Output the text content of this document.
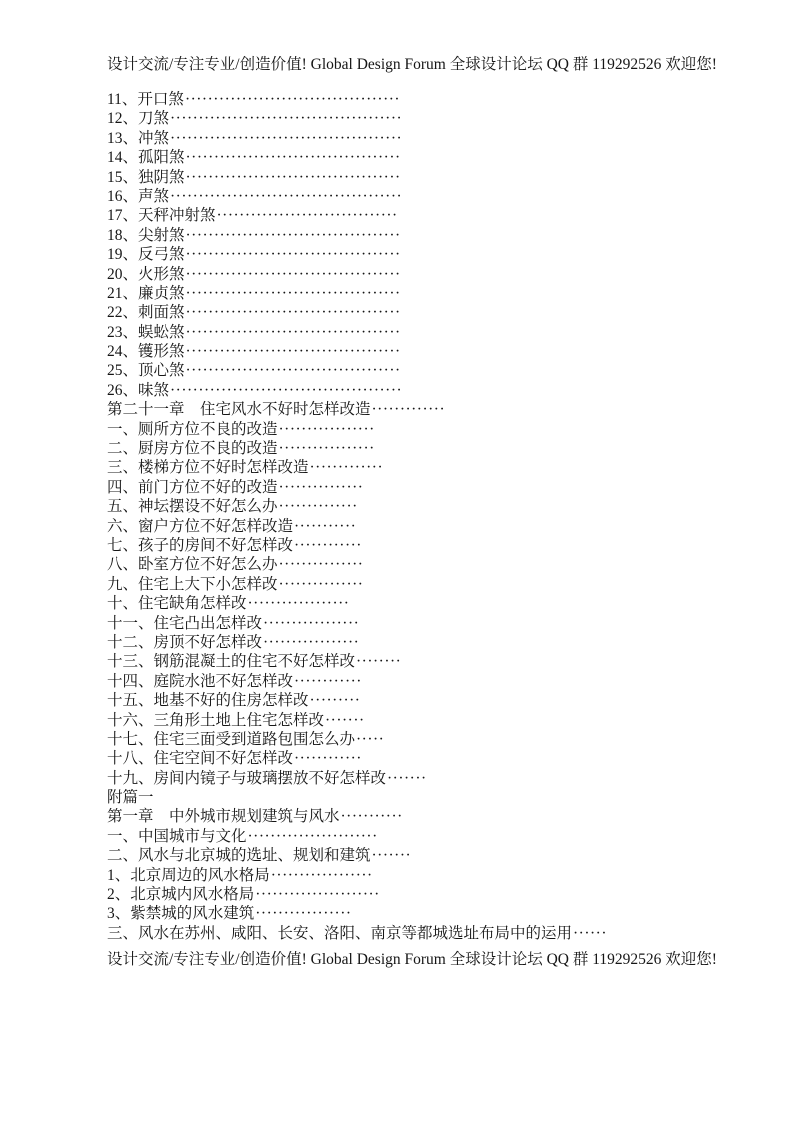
设计交流/专注专业/创造价值! Global Design Forum 全球设计论坛 QQ 群 119292526 欢迎您!
11、开口煞······································
12、刀煞·········································
13、冲煞·········································
14、孤阳煞······································
15、独阴煞······································
16、声煞·········································
17、天秤冲射煞································
18、尖射煞······································
19、反弓煞······································
20、火形煞······································
21、廉贞煞······································
22、刺面煞······································
23、蜈蚣煞······································
24、镬形煞······································
25、顶心煞······································
26、味煞·········································
第二十一章　住宅风水不好时怎样改造·············
一、厕所方位不良的改造·················
二、厨房方位不良的改造·················
三、楼梯方位不好时怎样改造·············
四、前门方位不好的改造···············
五、神坛摆设不好怎么办··············
六、窗户方位不好怎样改造···········
七、孩子的房间不好怎样改············
八、卧室方位不好怎么办···············
九、住宅上大下小怎样改···············
十、住宅缺角怎样改··················
十一、住宅凸出怎样改·················
十二、房顶不好怎样改·················
十三、钢筋混凝土的住宅不好怎样改········
十四、庭院水池不好怎样改············
十五、地基不好的住房怎样改·········
十六、三角形土地上住宅怎样改·······
十七、住宅三面受到道路包围怎么办·····
十八、住宅空间不好怎样改············
十九、房间内镜子与玻璃摆放不好怎样改·······
附篇一
第一章　中外城市规划建筑与风水···········
一、中国城市与文化·······················
二、风水与北京城的选址、规划和建筑·······
1、北京周边的风水格局··················
2、北京城内风水格局······················
3、紫禁城的风水建筑·················
三、风水在苏州、咸阳、长安、洛阳、南京等都城选址布局中的运用······
设计交流/专注专业/创造价值! Global Design Forum 全球设计论坛 QQ 群 119292526 欢迎您!
